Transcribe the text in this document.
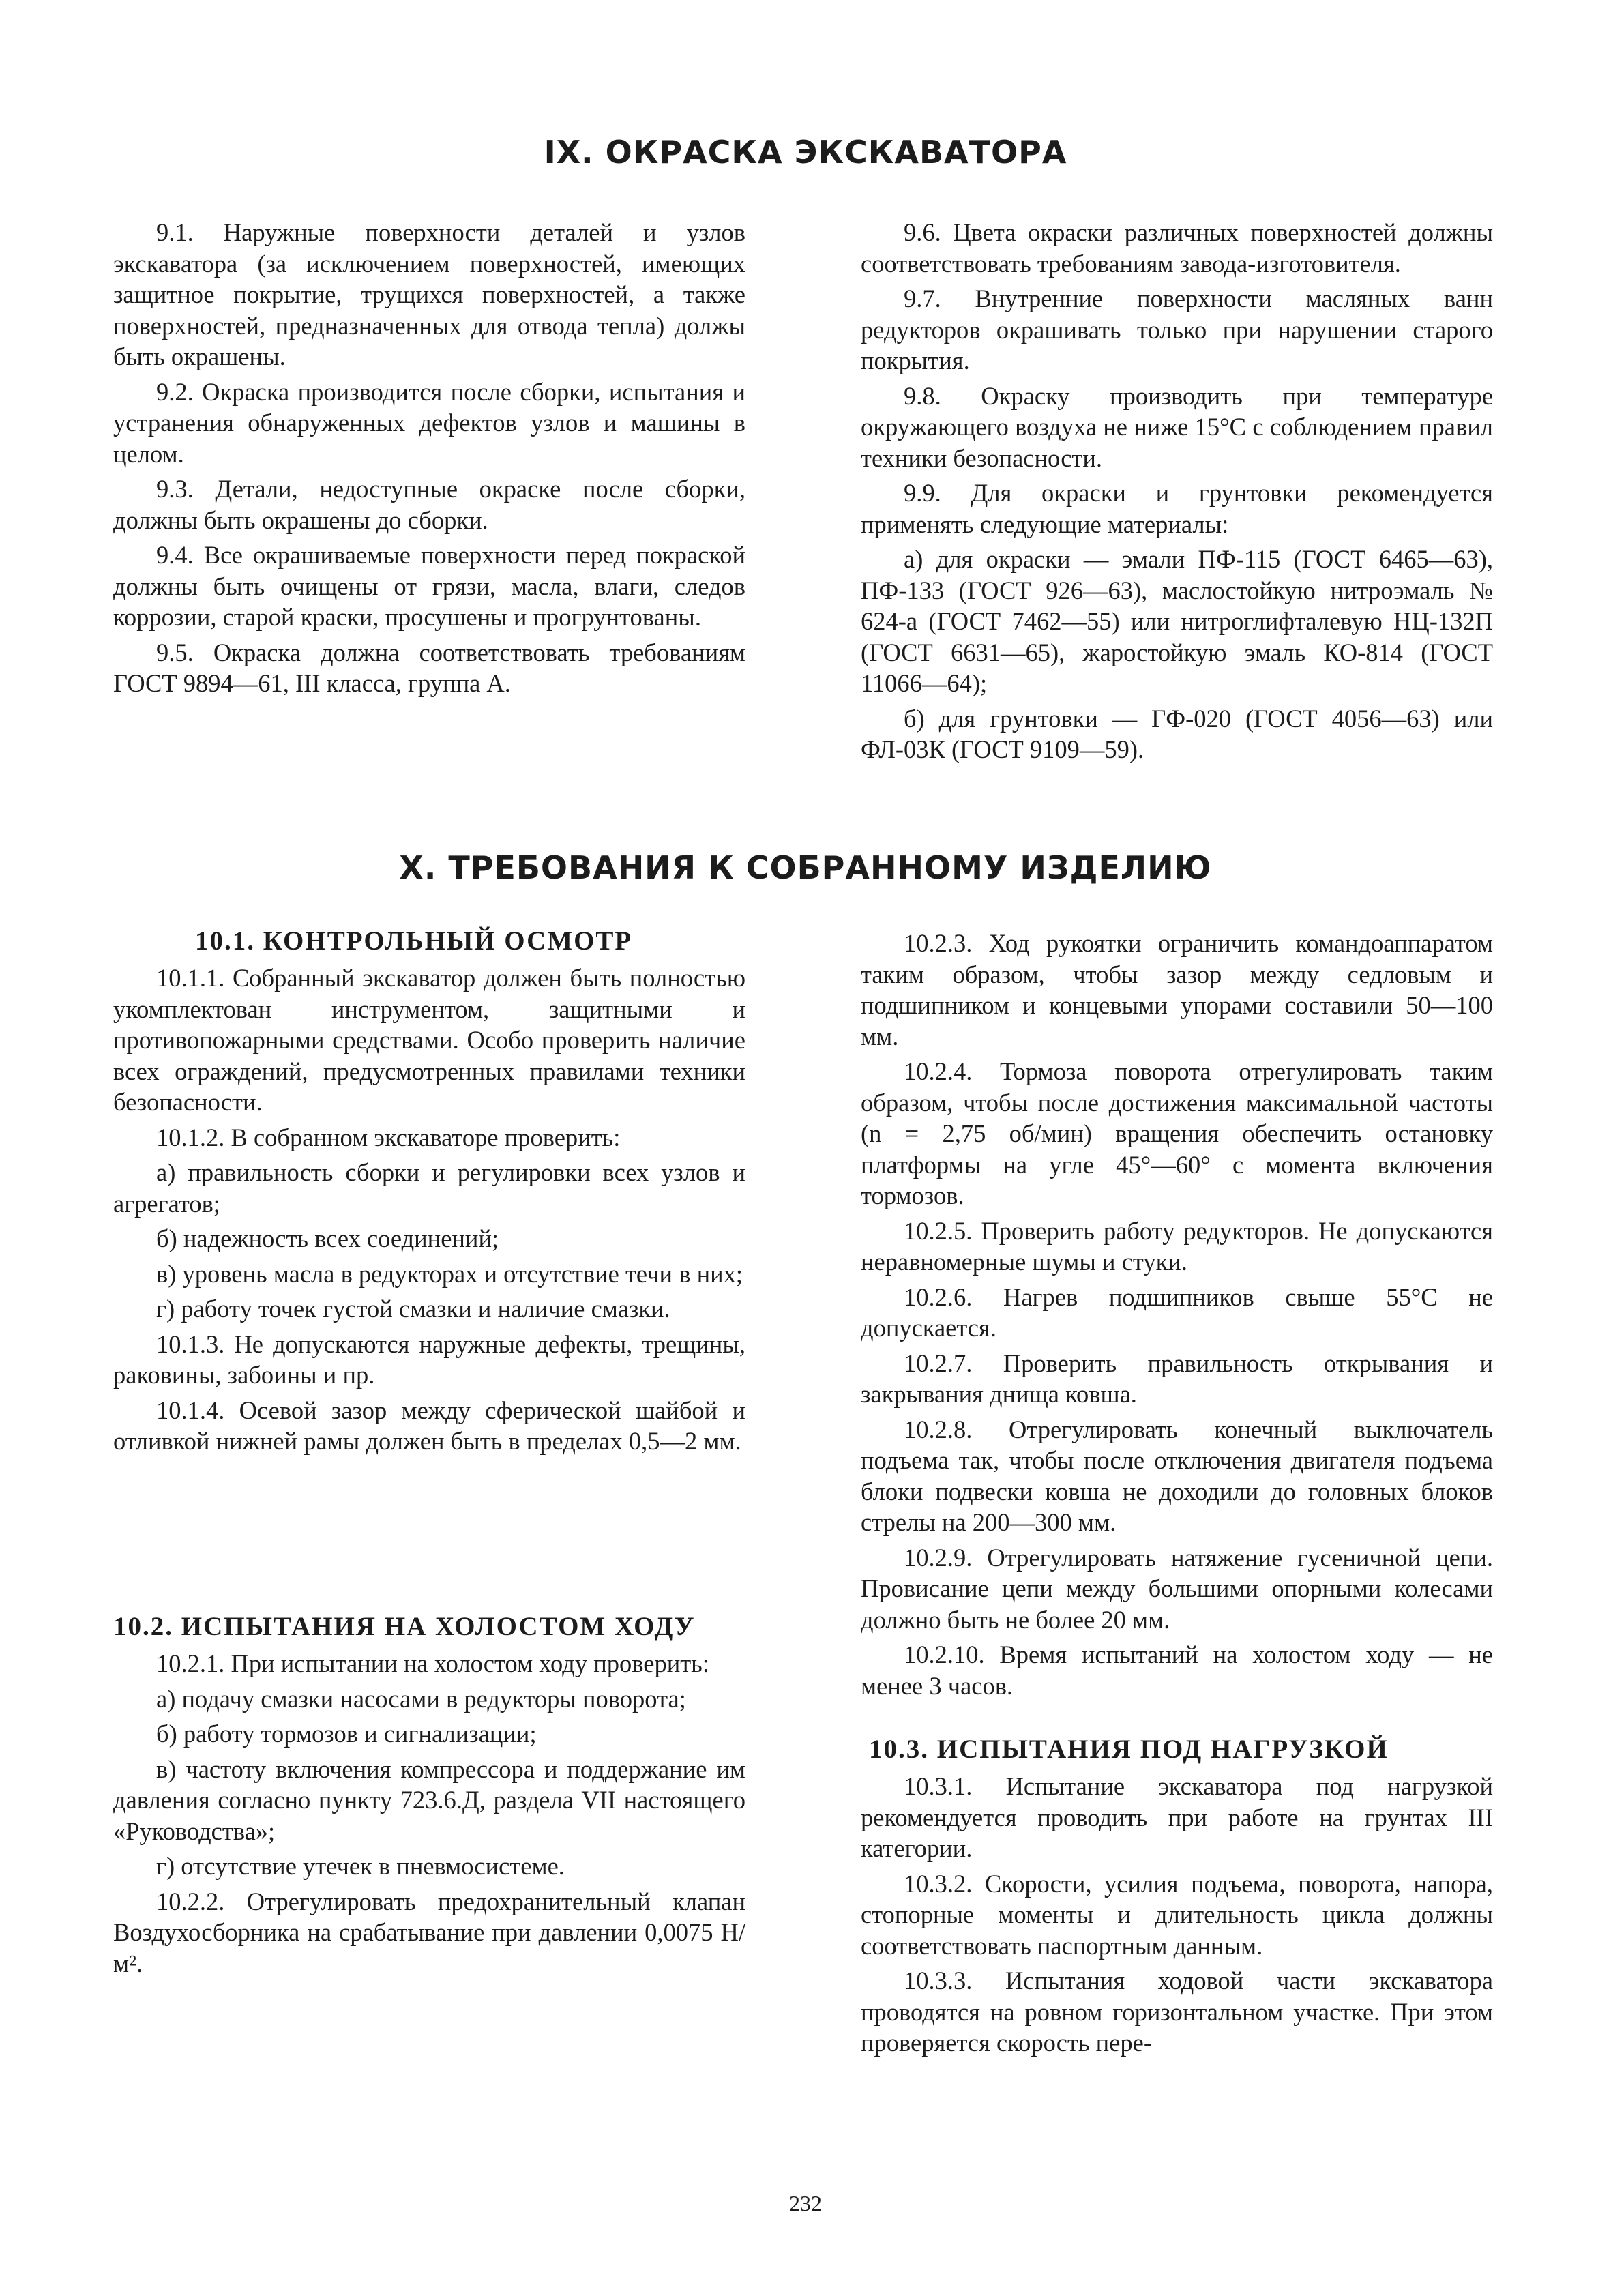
IX. ОКРАСКА ЭКСКАВАТОРА

9.1. Наружные поверхности деталей и узлов экскаватора (за исключением поверхностей, имеющих защитное покрытие, трущихся поверхностей, а также поверхностей, предназначенных для отвода тепла) должы быть окрашены.

9.2. Окраска производится после сборки, испытания и устранения обнаруженных дефектов узлов и машины в целом.

9.3. Детали, недоступные окраске после сборки, должны быть окрашены до сборки.

9.4. Все окрашиваемые поверхности перед покраской должны быть очищены от грязи, масла, влаги, следов коррозии, старой краски, просушены и прогрунтованы.

9.5. Окраска должна соответствовать требованиям ГОСТ 9894—61, III класса, группа А.

9.6. Цвета окраски различных поверхностей должны соответствовать требованиям завода-изготовителя.

9.7. Внутренние поверхности масляных ванн редукторов окрашивать только при нарушении старого покрытия.

9.8. Окраску производить при температуре окружающего воздуха не ниже 15°C с соблюдением правил техники безопасности.

9.9. Для окраски и грунтовки рекомендуется применять следующие материалы:

а) для окраски — эмали ПФ-115 (ГОСТ 6465—63), ПФ-133 (ГОСТ 926—63), маслостойкую нитроэмаль № 624-а (ГОСТ 7462—55) или нитроглифталевую НЦ-132П (ГОСТ 6631—65), жаростойкую эмаль КО-814 (ГОСТ 11066—64);

б) для грунтовки — ГФ-020 (ГОСТ 4056—63) или ФЛ-03К (ГОСТ 9109—59).

X. ТРЕБОВАНИЯ К СОБРАННОМУ ИЗДЕЛИЮ

10.1. КОНТРОЛЬНЫЙ ОСМОТР

10.1.1. Собранный экскаватор должен быть полностью укомплектован инструментом, защитными и противопожарными средствами. Особо проверить наличие всех ограждений, предусмотренных правилами техники безопасности.

10.1.2. В собранном экскаваторе проверить:

а) правильность сборки и регулировки всех узлов и агрегатов;

б) надежность всех соединений;

в) уровень масла в редукторах и отсутствие течи в них;

г) работу точек густой смазки и наличие смазки.

10.1.3. Не допускаются наружные дефекты, трещины, раковины, забоины и пр.

10.1.4. Осевой зазор между сферической шайбой и отливкой нижней рамы должен быть в пределах 0,5—2 мм.

10.2. ИСПЫТАНИЯ НА ХОЛОСТОМ ХОДУ

10.2.1. При испытании на холостом ходу проверить:

а) подачу смазки насосами в редукторы поворота;

б) работу тормозов и сигнализации;

в) частоту включения компрессора и поддержание им давления согласно пункту 723.6.Д, раздела VII настоящего «Руководства»;

г) отсутствие утечек в пневмосистеме.

10.2.2. Отрегулировать предохранительный клапан Воздухосборника на срабатывание при давлении 0,0075 Н/м².

10.2.3. Ход рукоятки ограничить командоаппаратом таким образом, чтобы зазор между седловым и подшипником и концевыми упорами составили 50—100 мм.

10.2.4. Тормоза поворота отрегулировать таким образом, чтобы после достижения максимальной частоты (n = 2,75 об/мин) вращения обеспечить остановку платформы на угле 45°—60° с момента включения тормозов.

10.2.5. Проверить работу редукторов. Не допускаются неравномерные шумы и стуки.

10.2.6. Нагрев подшипников свыше 55°C не допускается.

10.2.7. Проверить правильность открывания и закрывания днища ковша.

10.2.8. Отрегулировать конечный выключатель подъема так, чтобы после отключения двигателя подъема блоки подвески ковша не доходили до головных блоков стрелы на 200—300 мм.

10.2.9. Отрегулировать натяжение гусеничной цепи. Провисание цепи между большими опорными колесами должно быть не более 20 мм.

10.2.10. Время испытаний на холостом ходу — не менее 3 часов.

10.3. ИСПЫТАНИЯ ПОД НАГРУЗКОЙ

10.3.1. Испытание экскаватора под нагрузкой рекомендуется проводить при работе на грунтах III категории.

10.3.2. Скорости, усилия подъема, поворота, напора, стопорные моменты и длительность цикла должны соответствовать паспортным данным.

10.3.3. Испытания ходовой части экскаватора проводятся на ровном горизонтальном участке. При этом проверяется скорость пере-

232
